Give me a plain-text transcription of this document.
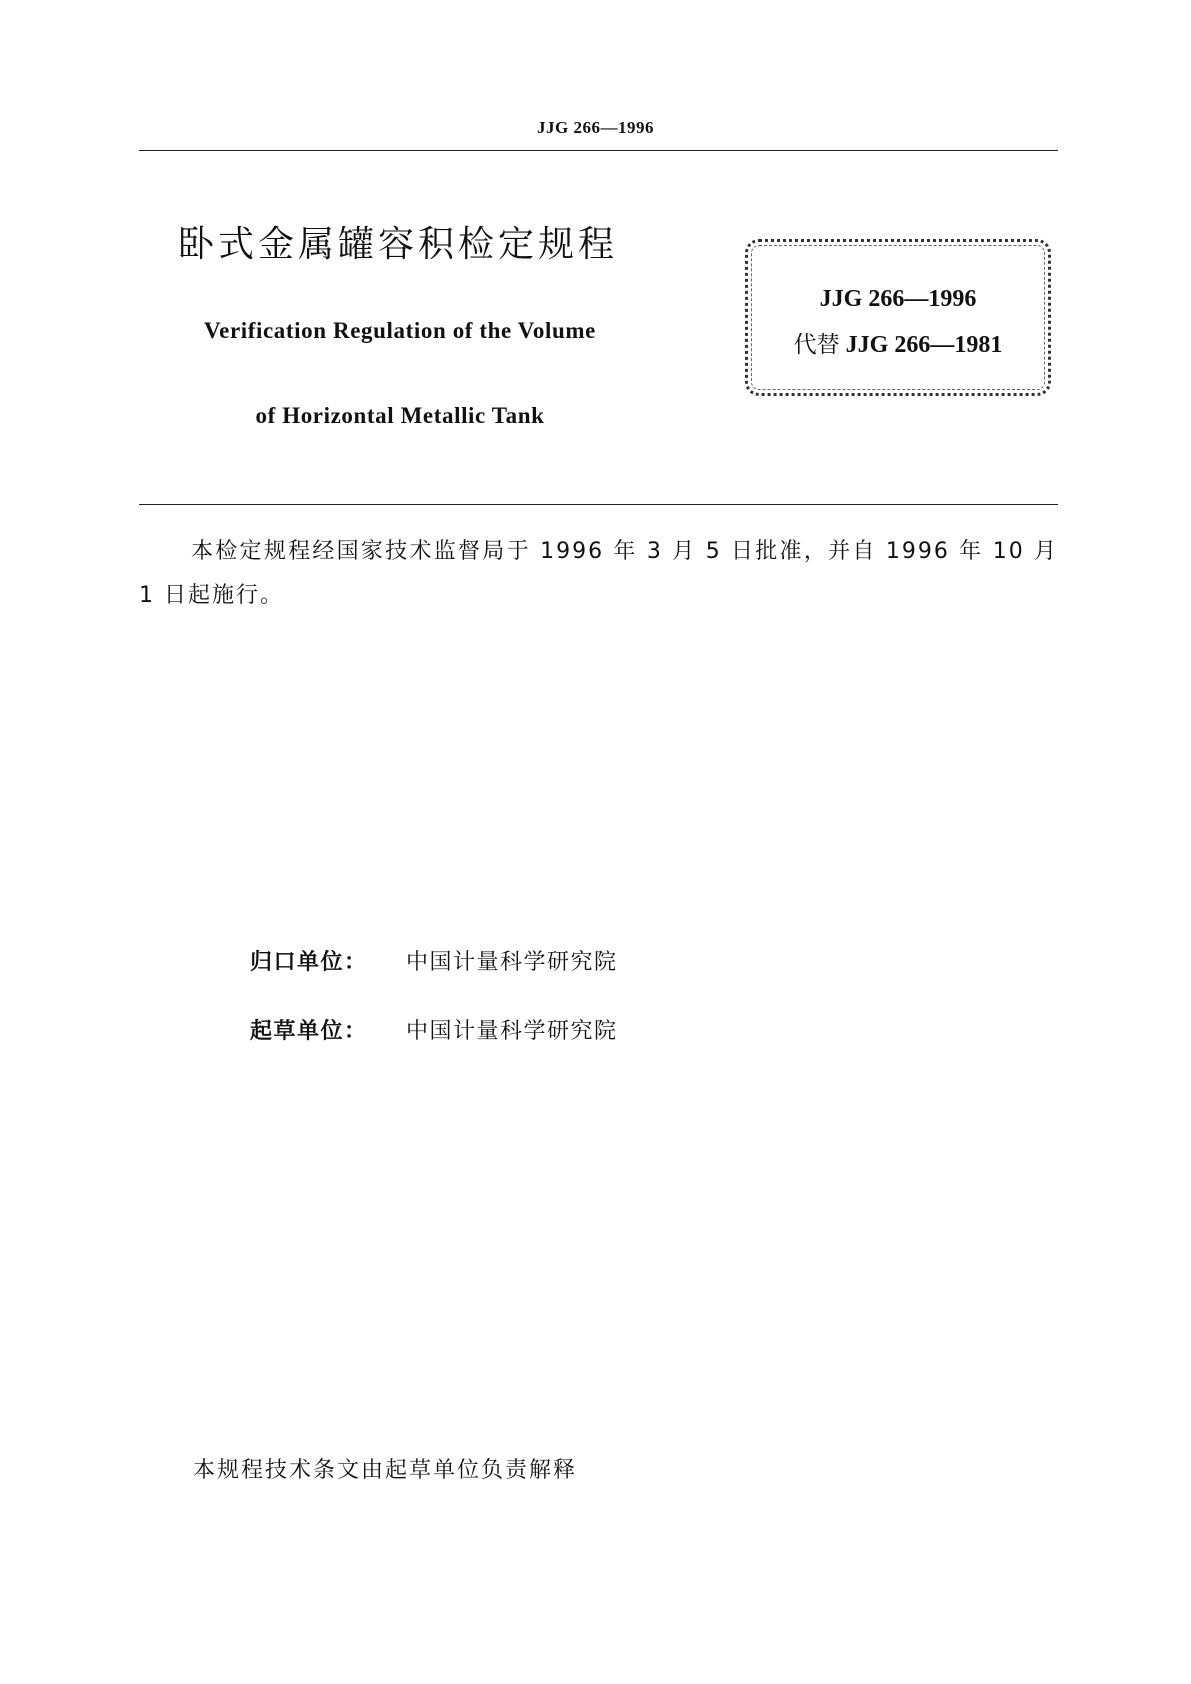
JJG 266—1996
卧式金属罐容积检定规程
Verification Regulation of the Volume
of Horizontal Metallic Tank
JJG 266—1996
代替 JJG 266—1981
本检定规程经国家技术监督局于 1996 年 3 月 5 日批准，并自 1996 年 10 月 1 日起施行。
归口单位： 中国计量科学研究院
起草单位： 中国计量科学研究院
本规程技术条文由起草单位负责解释
